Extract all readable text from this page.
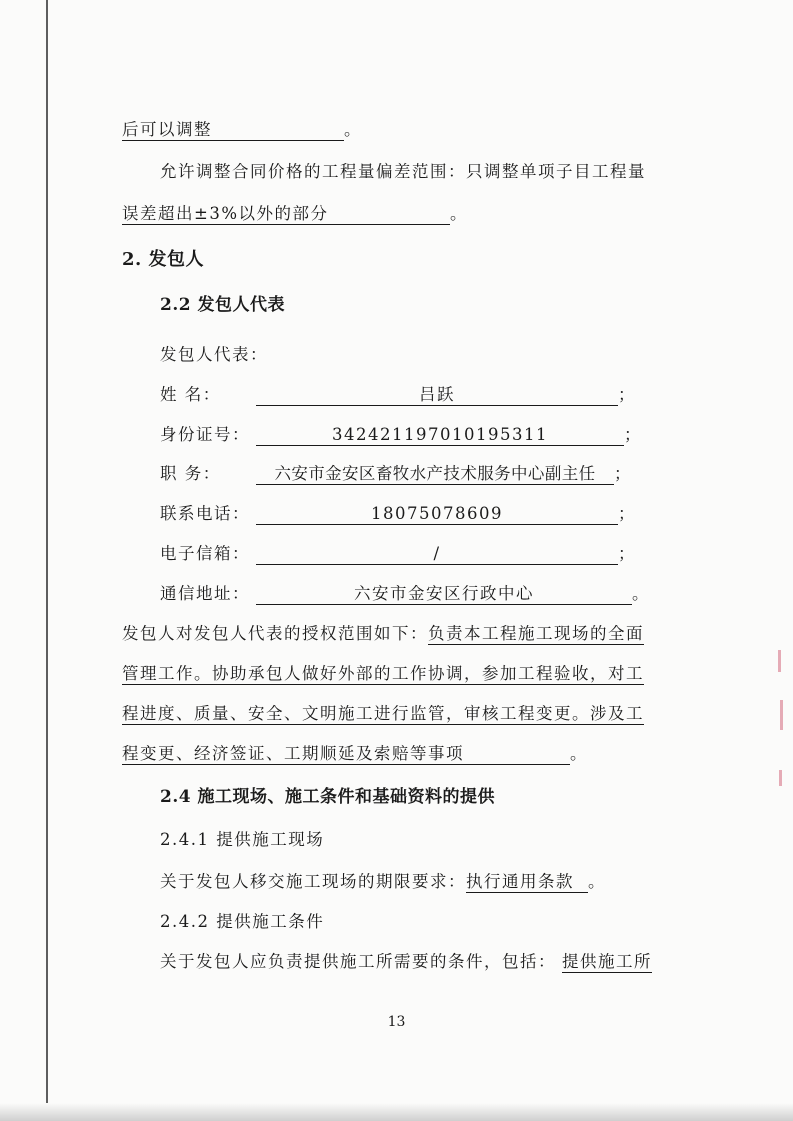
后可以调整	。
允许调整合同价格的工程量偏差范围：只调整单项子目工程量
误差超出±3%以外的部分	。
2. 发包人
2.2 发包人代表
发包人代表：
姓 名：	吕跃	；
身份证号：	342421197010195311	；
职 务：	六安市金安区畜牧水产技术服务中心副主任 ；
联系电话：	18075078609	；
电子信箱：	/	；
通信地址：	六安市金安区行政中心	。
发包人对发包人代表的授权范围如下：负责本工程施工现场的全面
管理工作。协助承包人做好外部的工作协调，参加工程验收，对工
程进度、质量、安全、文明施工进行监管，审核工程变更。涉及工
程变更、经济签证、工期顺延及索赔等事项	。
2.4 施工现场、施工条件和基础资料的提供
2.4.1 提供施工现场
关于发包人移交施工现场的期限要求：执行通用条款 。
2.4.2 提供施工条件
关于发包人应负责提供施工所需要的条件，包括： 提供施工所
13
